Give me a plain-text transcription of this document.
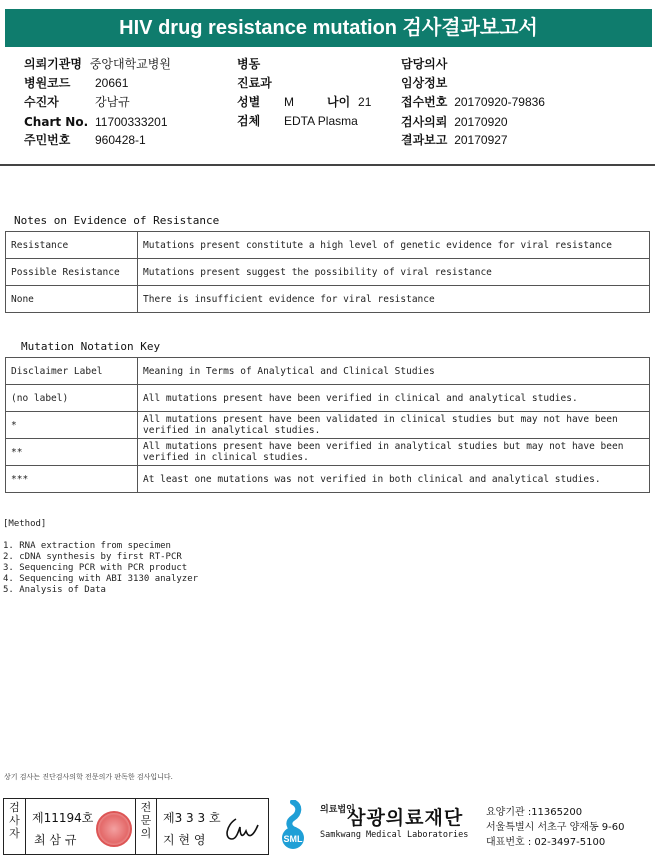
HIV drug resistance mutation 검사결과보고서
의뢰기관명 중앙대학교병원
병원코드 20661
수진자	강남규
Chart No. 11700333201
주민번호 960428-1
병동
진료과
성별 M	나이 21
검체 EDTA Plasma
담당의사
임상정보
접수번호 20170920-79836
검사의뢰 20170920
결과보고 20170927
Notes on Evidence of Resistance
Resistance	Mutations present constitute a high level of genetic evidence for viral resistance
Possible Resistance	Mutations present suggest the possibility of viral resistance
None	There is insufficient evidence for viral resistance
Mutation Notation Key
Disclaimer Label	Meaning in Terms of Analytical and Clinical Studies
(no label)	All mutations present have been verified in clinical and analytical studies.
*	All mutations present have been validated in clinical studies but may not have been verified in analytical studies.
**	All mutations present have been verified in analytical studies but may not have been verified in clinical studies.
***	At least one mutations was not verified in both clinical and analytical studies.
[Method]
1. RNA extraction from specimen
2. cDNA synthesis by first RT-PCR
3. Sequencing PCR with PCR product
4. Sequencing with ABI 3130 analyzer
5. Analysis of Data
상기 검사는 진단검사의학 전문의가 판독한 검사입니다.
검사자
제11194호
최 삼 규
전문의
제3 3 3 호
지 현 영	SML
의료법인 삼광의료재단
Samkwang Medical Laboratories
요양기관 :11365200
서울특별시 서초구 양재동 9-60
대표번호 : 02-3497-5100
